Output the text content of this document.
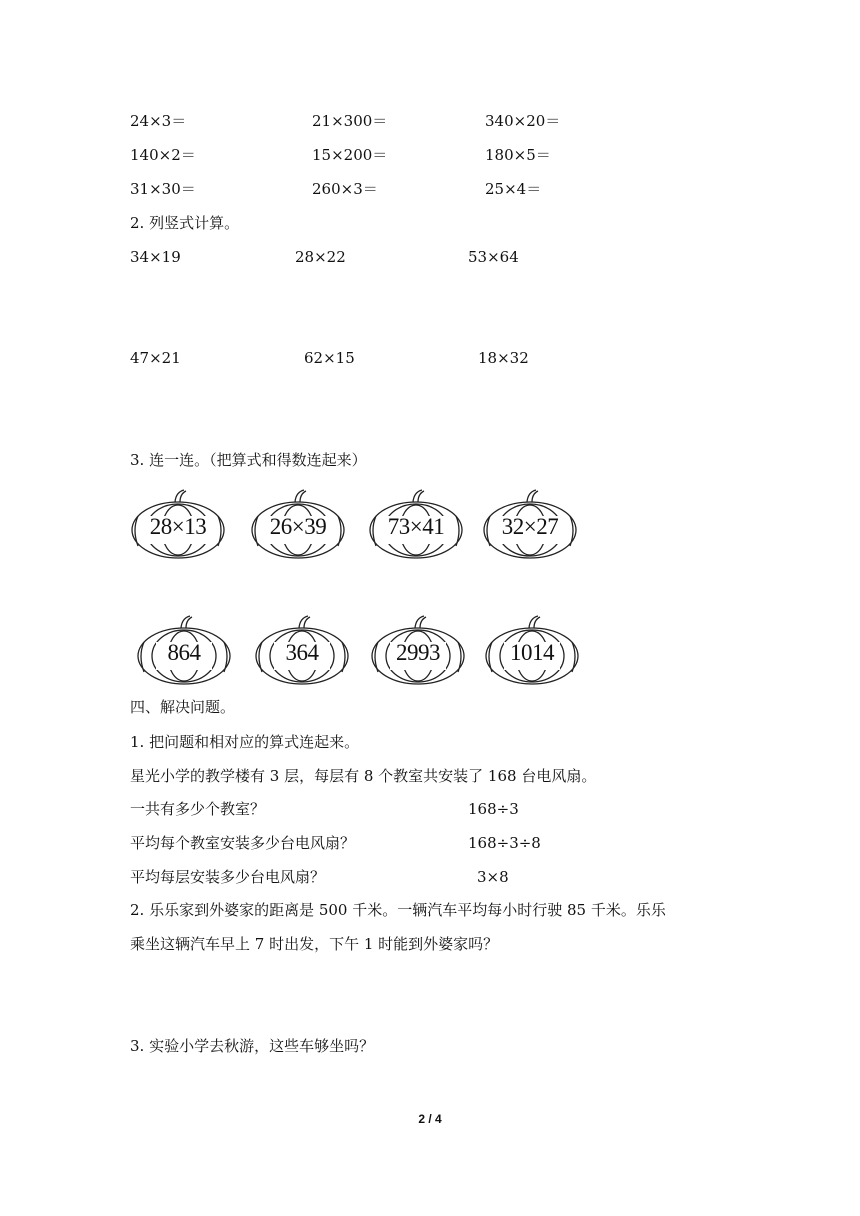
24×3＝	21×300＝	340×20＝
140×2＝	15×200＝	180×5＝
31×30＝	260×3＝	25×4＝
2. 列竖式计算。
34×19	28×22	53×64
47×21	62×15	18×32
3. 连一连。（把算式和得数连起来）
28×13	26×39	73×41	32×27
864	364	2993	1014
四、解决问题。
1. 把问题和相对应的算式连起来。
星光小学的教学楼有 3 层，每层有 8 个教室共安装了 168 台电风扇。
一共有多少个教室？	168÷3
平均每个教室安装多少台电风扇？	168÷3÷8
平均每层安装多少台电风扇？	3×8
2. 乐乐家到外婆家的距离是 500 千米。一辆汽车平均每小时行驶 85 千米。乐乐
乘坐这辆汽车早上 7 时出发，下午 1 时能到外婆家吗？
3. 实验小学去秋游，这些车够坐吗？
2 / 4
